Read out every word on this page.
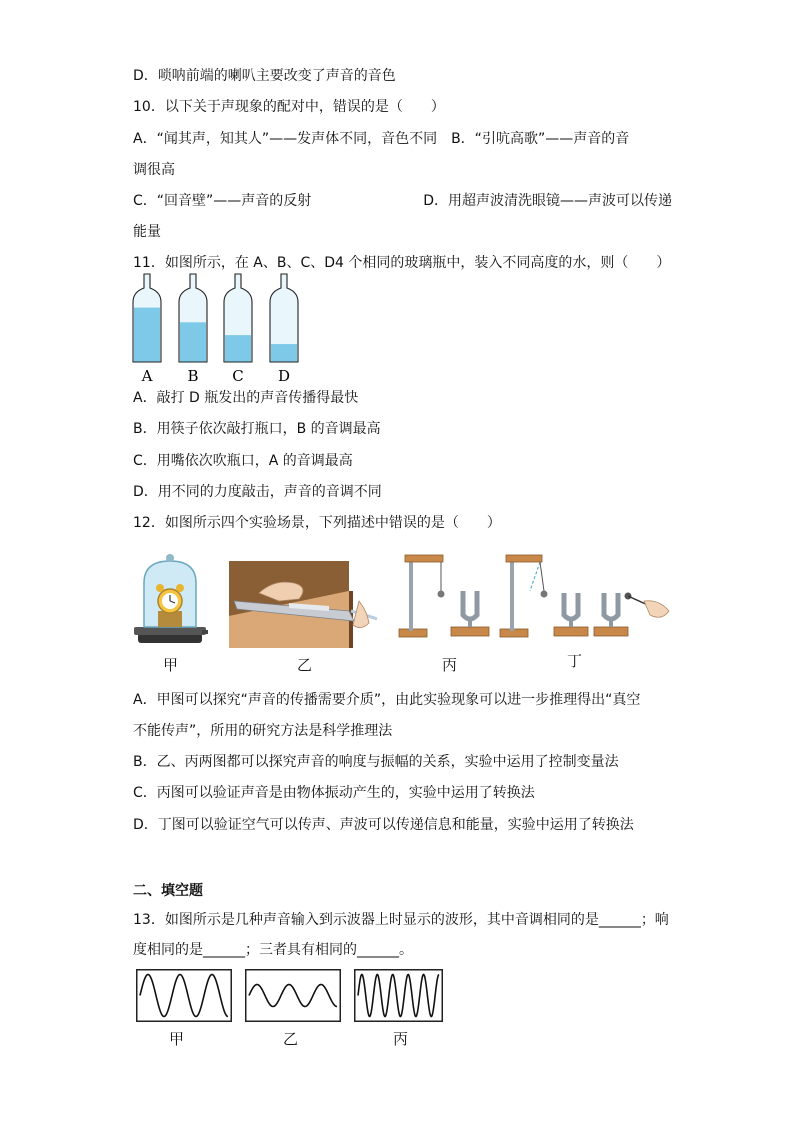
D．唢呐前端的喇叭主要改变了声音的音色
10．以下关于声现象的配对中，错误的是（　　）
A．“闻其声，知其人”——发声体不同，音色不同　B．“引吭高歌”——声音的音
调很高
C．“回音壁”——声音的反射　　　　　　　　D．用超声波清洗眼镜——声波可以传递
能量
11．如图所示，在 A、B、C、D4 个相同的玻璃瓶中，装入不同高度的水，则（　　）
A B C D
A．敲打 D 瓶发出的声音传播得最快
B．用筷子依次敲打瓶口，B 的音调最高
C．用嘴依次吹瓶口，A 的音调最高
D．用不同的力度敲击，声音的音调不同
12．如图所示四个实验场景，下列描述中错误的是（　　）
甲	乙	丙	丁
A．甲图可以探究“声音的传播需要介质”，由此实验现象可以进一步推理得出“真空
不能传声”，所用的研究方法是科学推理法
B．乙、丙两图都可以探究声音的响度与振幅的关系，实验中运用了控制变量法
C．丙图可以验证声音是由物体振动产生的，实验中运用了转换法
D．丁图可以验证空气可以传声、声波可以传递信息和能量，实验中运用了转换法
二、填空题
13．如图所示是几种声音输入到示波器上时显示的波形，其中音调相同的是______；响
度相同的是______；三者具有相同的______。
甲	乙	丙
